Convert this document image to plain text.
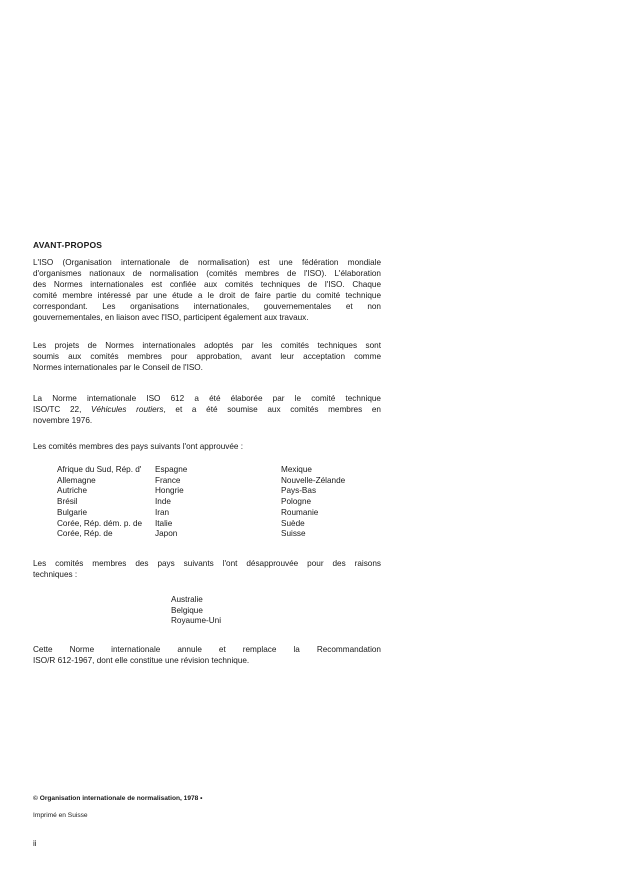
AVANT-PROPOS
L'ISO (Organisation internationale de normalisation) est une fédération mondiale
d'organismes nationaux de normalisation (comités membres de l'ISO). L'élaboration
des Normes internationales est confiée aux comités techniques de l'ISO. Chaque
comité membre intéressé par une étude a le droit de faire partie du comité technique
correspondant. Les organisations internationales, gouvernementales et non
gouvernementales, en liaison avec l'ISO, participent également aux travaux.
Les projets de Normes internationales adoptés par les comités techniques sont
soumis aux comités membres pour approbation, avant leur acceptation comme
Normes internationales par le Conseil de l'ISO.
La Norme internationale ISO 612 a été élaborée par le comité technique
ISO/TC 22, Véhicules routiers, et a été soumise aux comités membres en
novembre 1976.
Les comités membres des pays suivants l'ont approuvée :
Afrique du Sud, Rép. d'
Allemagne
Autriche
Brésil
Bulgarie
Corée, Rép. dém. p. de
Corée, Rép. de
Espagne
France
Hongrie
Inde
Iran
Italie
Japon
Mexique
Nouvelle-Zélande
Pays-Bas
Pologne
Roumanie
Suède
Suisse
Les comités membres des pays suivants l'ont désapprouvée pour des raisons
techniques :
Australie
Belgique
Royaume-Uni
Cette Norme internationale annule et remplace la Recommandation
ISO/R 612-1967, dont elle constitue une révision technique.
© Organisation internationale de normalisation, 1978 •
Imprimé en Suisse
ii
